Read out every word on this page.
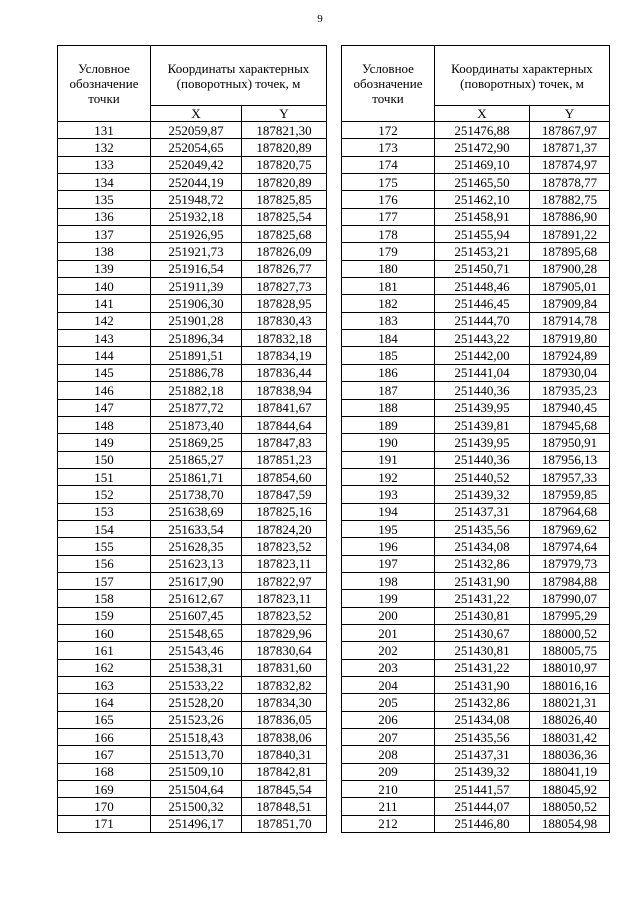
9
Условное обозначение точки	Координаты характерных (поворотных) точек, м	
	X	Y
131	252059,87	187821,30
132	252054,65	187820,89
133	252049,42	187820,75
134	252044,19	187820,89
135	251948,72	187825,85
136	251932,18	187825,54
137	251926,95	187825,68
138	251921,73	187826,09
139	251916,54	187826,77
140	251911,39	187827,73
141	251906,30	187828,95
142	251901,28	187830,43
143	251896,34	187832,18
144	251891,51	187834,19
145	251886,78	187836,44
146	251882,18	187838,94
147	251877,72	187841,67
148	251873,40	187844,64
149	251869,25	187847,83
150	251865,27	187851,23
151	251861,71	187854,60
152	251738,70	187847,59
153	251638,69	187825,16
154	251633,54	187824,20
155	251628,35	187823,52
156	251623,13	187823,11
157	251617,90	187822,97
158	251612,67	187823,11
159	251607,45	187823,52
160	251548,65	187829,96
161	251543,46	187830,64
162	251538,31	187831,60
163	251533,22	187832,82
164	251528,20	187834,30
165	251523,26	187836,05
166	251518,43	187838,06
167	251513,70	187840,31
168	251509,10	187842,81
169	251504,64	187845,54
170	251500,32	187848,51
171	251496,17	187851,70
Условное обозначение точки	Координаты характерных (поворотных) точек, м	
	X	Y
172	251476,88	187867,97
173	251472,90	187871,37
174	251469,10	187874,97
175	251465,50	187878,77
176	251462,10	187882,75
177	251458,91	187886,90
178	251455,94	187891,22
179	251453,21	187895,68
180	251450,71	187900,28
181	251448,46	187905,01
182	251446,45	187909,84
183	251444,70	187914,78
184	251443,22	187919,80
185	251442,00	187924,89
186	251441,04	187930,04
187	251440,36	187935,23
188	251439,95	187940,45
189	251439,81	187945,68
190	251439,95	187950,91
191	251440,36	187956,13
192	251440,52	187957,33
193	251439,32	187959,85
194	251437,31	187964,68
195	251435,56	187969,62
196	251434,08	187974,64
197	251432,86	187979,73
198	251431,90	187984,88
199	251431,22	187990,07
200	251430,81	187995,29
201	251430,67	188000,52
202	251430,81	188005,75
203	251431,22	188010,97
204	251431,90	188016,16
205	251432,86	188021,31
206	251434,08	188026,40
207	251435,56	188031,42
208	251437,31	188036,36
209	251439,32	188041,19
210	251441,57	188045,92
211	251444,07	188050,52
212	251446,80	188054,98
